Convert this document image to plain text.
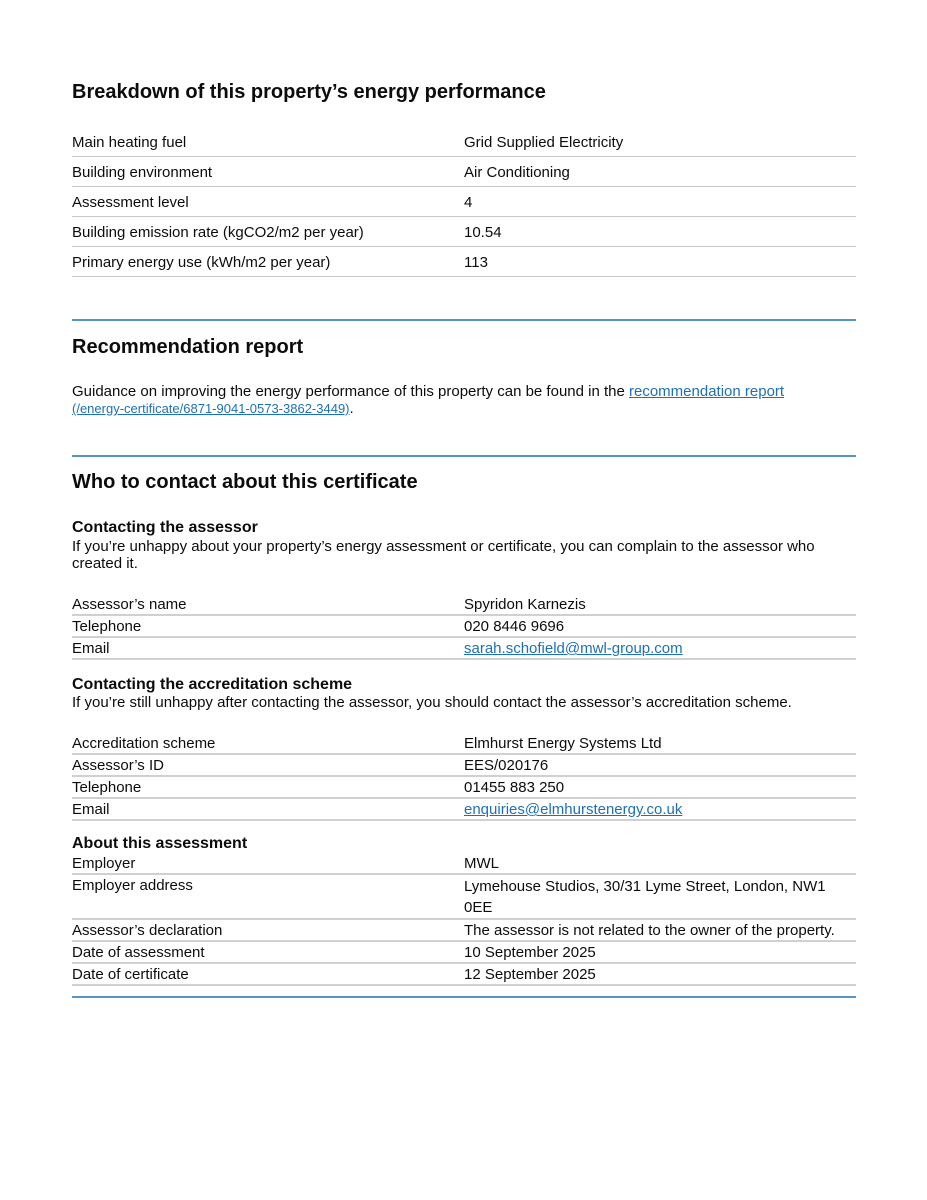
Breakdown of this property’s energy performance
Main heating fuel	Grid Supplied Electricity
Building environment	Air Conditioning
Assessment level	4
Building emission rate (kgCO2/m2 per year)	10.54
Primary energy use (kWh/m2 per year)	113
Recommendation report

Guidance on improving the energy performance of this property can be found in the recommendation report
(/energy-certificate/6871-9041-0573-3862-3449).

Who to contact about this certificate
Contacting the assessor

If you’re unhappy about your property’s energy assessment or certificate, you can complain to the assessor who created it.

Assessor’s name	Spyridon Karnezis
Telephone	020 8446 9696
Email	sarah.schofield@mwl-group.com
Contacting the accreditation scheme

If you’re still unhappy after contacting the assessor, you should contact the assessor’s accreditation scheme.

Accreditation scheme	Elmhurst Energy Systems Ltd
Assessor’s ID	EES/020176
Telephone	01455 883 250
Email	enquiries@elmhurstenergy.co.uk
About this assessment
Employer	MWL
Employer address	Lymehouse Studios, 30/31 Lyme Street, London, NW1 0EE
Assessor’s declaration	The assessor is not related to the owner of the property.
Date of assessment	10 September 2025
Date of certificate	12 September 2025
